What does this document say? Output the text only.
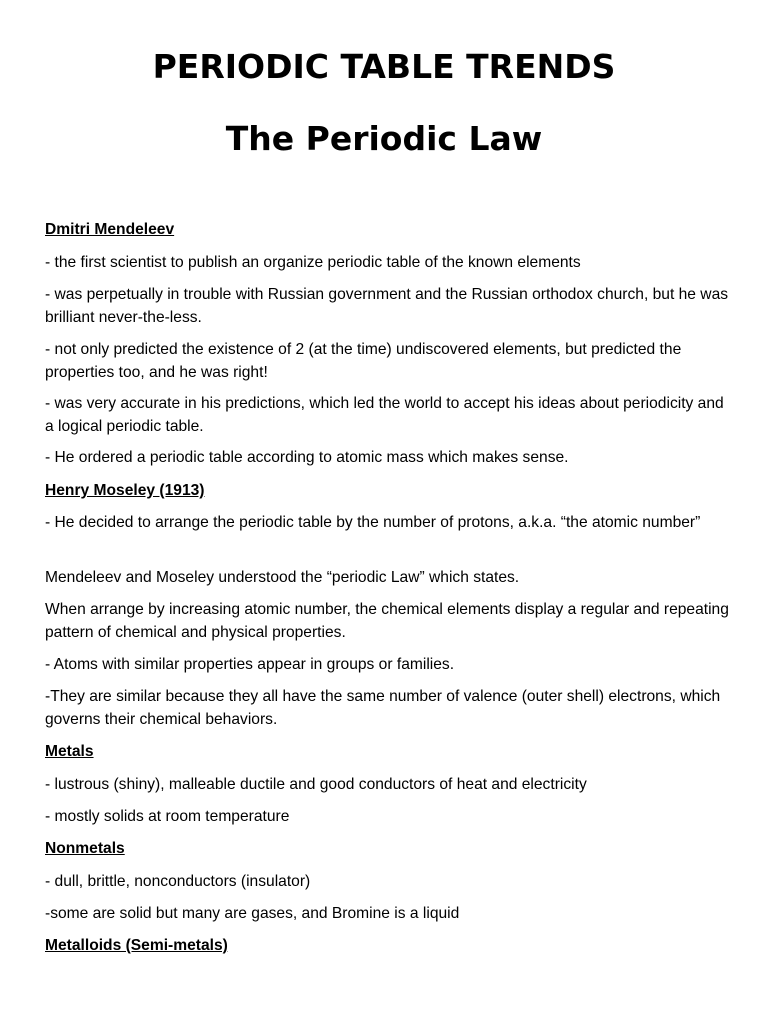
PERIODIC TABLE TRENDS
The Periodic Law

Dmitri Mendeleev

- the first scientist to publish an organize periodic table of the known elements

- was perpetually in trouble with Russian government and the Russian orthodox church, but he was brilliant never-the-less.

- not only predicted the existence of 2 (at the time) undiscovered elements, but predicted the properties too, and he was right!

- was very accurate in his predictions, which led the world to accept his ideas about periodicity and a logical periodic table.

- He ordered a periodic table according to atomic mass which makes sense.

Henry Moseley (1913)

- He decided to arrange the periodic table by the number of protons, a.k.a. “the atomic number”

Mendeleev and Moseley understood the “periodic Law” which states.

When arrange by increasing atomic number, the chemical elements display a regular and repeating pattern of chemical and physical properties.

- Atoms with similar properties appear in groups or families.

-They are similar because they all have the same number of valence (outer shell) electrons, which governs their chemical behaviors.

Metals

- lustrous (shiny), malleable ductile and good conductors of heat and electricity

- mostly solids at room temperature

Nonmetals

- dull, brittle, nonconductors (insulator)

-some are solid but many are gases, and Bromine is a liquid

Metalloids (Semi-metals)
